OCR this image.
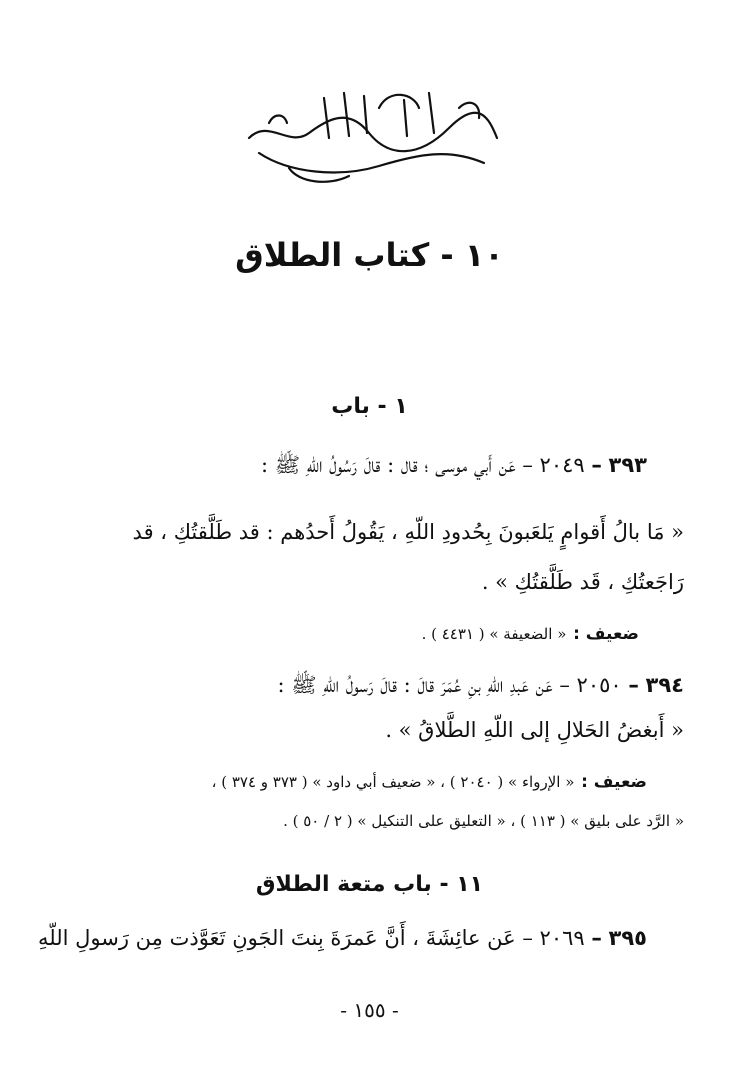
بسم الله الرحمن الرحيم
١٠ - كتاب الطلاق
١ - باب
٣٩٣ – ٢٠٤٩ – عَن أَبي موسى ؛ قال : قالَ رَسُولُ اللّهِ ﷺ :
« مَا بالُ أَقوامٍ يَلعَبونَ بِحُدودِ اللّهِ ، يَقُولُ أَحدُهم : قد طَلَّقتُكِ ، قد
رَاجَعتُكِ ، قَد طَلَّقتُكِ » .
ضعيف : « الضعيفة » ( ٤٤٣١ ) .
٣٩٤ – ٢٠٥٠ – عَن عَبدِ اللّهِ بنِ عُمَرَ قالَ : قالَ رَسولُ اللّهِ ﷺ :
« أَبغضُ الحَلالِ إلى اللّهِ الطَّلاقُ » .
ضعيف : « الإرواء » ( ٢٠٤٠ ) ، « ضعيف أبي داود » ( ٣٧٣ و ٣٧٤ ) ،
« الرَّد على بليق » ( ١١٣ ) ، « التعليق على التنكيل » ( ٢ / ٥٠ ) .
١١ - باب متعة الطلاق
٣٩٥ – ٢٠٦٩ – عَن عائِشَةَ ، أَنَّ عَمرَةَ بِنتَ الجَونِ تَعَوَّذت مِن رَسولِ اللّهِ
- ١٥٥ -
